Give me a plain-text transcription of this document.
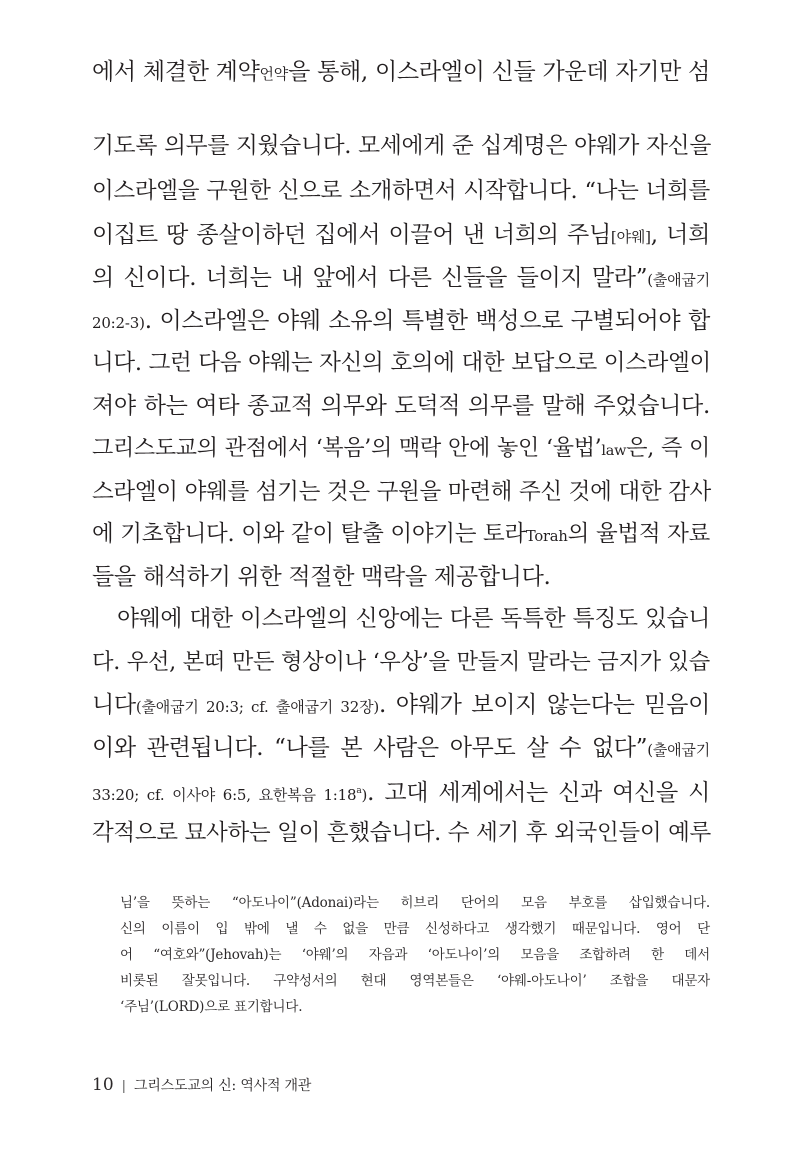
에서 체결한 계약언약을 통해, 이스라엘이 신들 가운데 자기만 섬
기도록 의무를 지웠습니다. 모세에게 준 십계명은 야웨가 자신을
이스라엘을 구원한 신으로 소개하면서 시작합니다. “나는 너희를
이집트 땅 종살이하던 집에서 이끌어 낸 너희의 주님[야웨], 너희
의 신이다. 너희는 내 앞에서 다른 신들을 들이지 말라”(출애굽기
20:2-3). 이스라엘은 야웨 소유의 특별한 백성으로 구별되어야 합
니다. 그런 다음 야웨는 자신의 호의에 대한 보답으로 이스라엘이
져야 하는 여타 종교적 의무와 도덕적 의무를 말해 주었습니다.
그리스도교의 관점에서 ‘복음’의 맥락 안에 놓인 ‘율법’law은, 즉 이
스라엘이 야웨를 섬기는 것은 구원을 마련해 주신 것에 대한 감사
에 기초합니다. 이와 같이 탈출 이야기는 토라Torah의 율법적 자료
들을 해석하기 위한 적절한 맥락을 제공합니다.
야웨에 대한 이스라엘의 신앙에는 다른 독특한 특징도 있습니
다. 우선, 본떠 만든 형상이나 ‘우상’을 만들지 말라는 금지가 있습
니다(출애굽기 20:3; cf. 출애굽기 32장). 야웨가 보이지 않는다는 믿음이
이와 관련됩니다. “나를 본 사람은 아무도 살 수 없다”(출애굽기
33:20; cf. 이사야 6:5, 요한복음 1:18$^a$). 고대 세계에서는 신과 여신을 시
각적으로 묘사하는 일이 흔했습니다. 수 세기 후 외국인들이 예루
님’을 뜻하는 “아도나이”(Adonai)라는 히브리 단어의 모음 부호를 삽입했습니다.
신의 이름이 입 밖에 낼 수 없을 만큼 신성하다고 생각했기 때문입니다. 영어 단
어 “여호와”(Jehovah)는 ‘야웨’의 자음과 ‘아도나이’의 모음을 조합하려 한 데서
비롯된 잘못입니다. 구약성서의 현대 영역본들은 ‘야웨-아도나이’ 조합을 대문자
‘주님’(LORD)으로 표기합니다.
10 | 그리스도교의 신: 역사적 개관
